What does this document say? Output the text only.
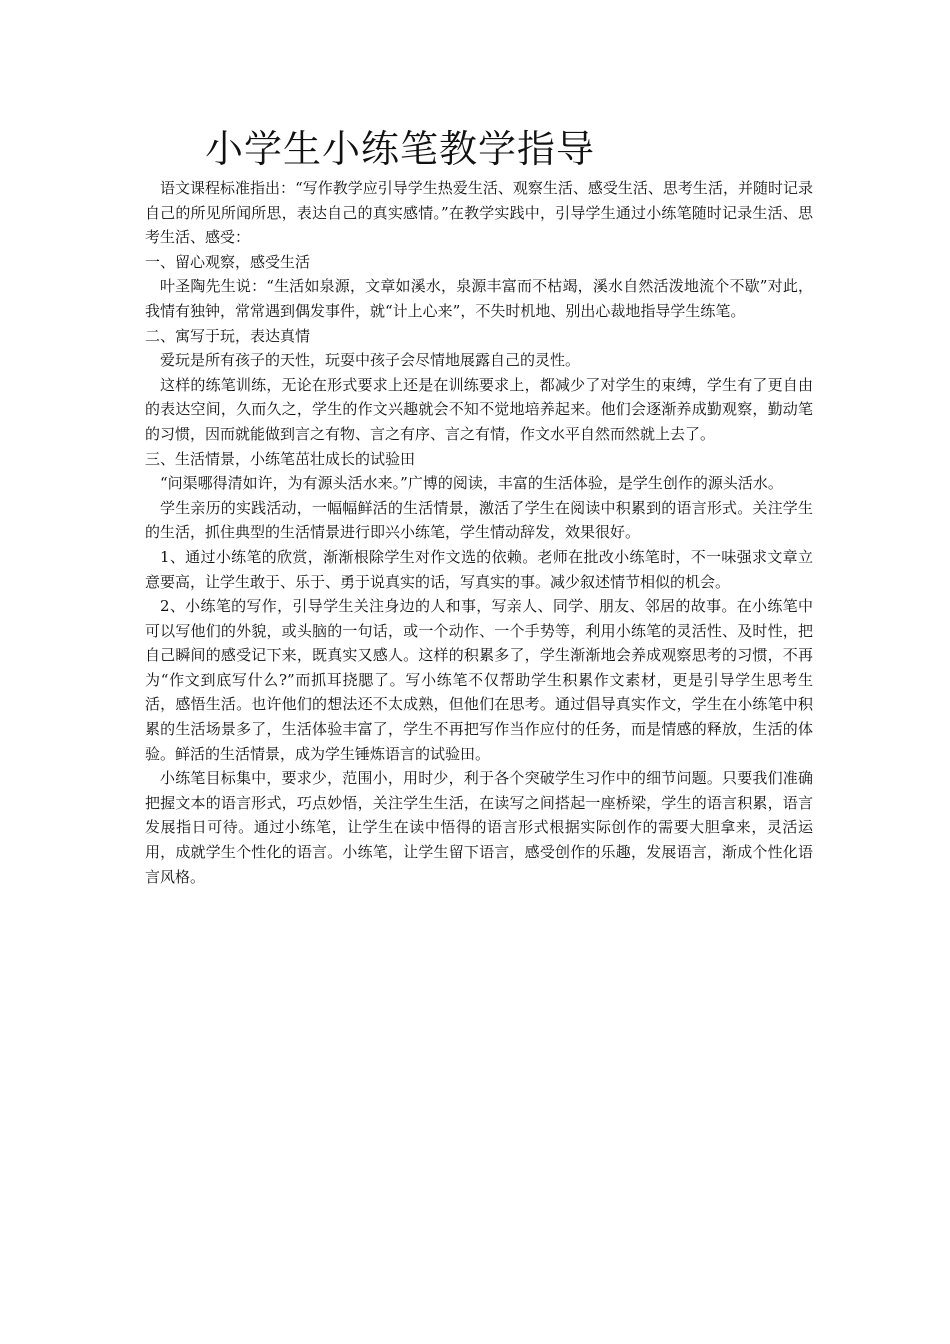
小学生小练笔教学指导

语文课程标准指出：“写作教学应引导学生热爱生活、观察生活、感受生活、思考生活，并随时记录自己的所见所闻所思，表达自己的真实感情。”在教学实践中，引导学生通过小练笔随时记录生活、思考生活、感受：

一、留心观察，感受生活

叶圣陶先生说：“生活如泉源，文章如溪水，泉源丰富而不枯竭，溪水自然活泼地流个不歇”对此，我情有独钟，常常遇到偶发事件，就“计上心来”，不失时机地、别出心裁地指导学生练笔。

二、寓写于玩，表达真情

爱玩是所有孩子的天性，玩耍中孩子会尽情地展露自己的灵性。

这样的练笔训练，无论在形式要求上还是在训练要求上，都减少了对学生的束缚，学生有了更自由的表达空间，久而久之，学生的作文兴趣就会不知不觉地培养起来。他们会逐渐养成勤观察，勤动笔的习惯，因而就能做到言之有物、言之有序、言之有情，作文水平自然而然就上去了。

三、生活情景，小练笔茁壮成长的试验田

“问渠哪得清如许，为有源头活水来。”广博的阅读，丰富的生活体验，是学生创作的源头活水。

学生亲历的实践活动，一幅幅鲜活的生活情景，激活了学生在阅读中积累到的语言形式。关注学生的生活，抓住典型的生活情景进行即兴小练笔，学生情动辞发，效果很好。

1、通过小练笔的欣赏，渐渐根除学生对作文选的依赖。老师在批改小练笔时，不一味强求文章立意要高，让学生敢于、乐于、勇于说真实的话，写真实的事。减少叙述情节相似的机会。

2、小练笔的写作，引导学生关注身边的人和事，写亲人、同学、朋友、邻居的故事。在小练笔中可以写他们的外貌，或头脑的一句话，或一个动作、一个手势等，利用小练笔的灵活性、及时性，把自己瞬间的感受记下来，既真实又感人。这样的积累多了，学生渐渐地会养成观察思考的习惯，不再为“作文到底写什么?”而抓耳挠腮了。写小练笔不仅帮助学生积累作文素材，更是引导学生思考生活，感悟生活。也许他们的想法还不太成熟，但他们在思考。通过倡导真实作文，学生在小练笔中积累的生活场景多了，生活体验丰富了，学生不再把写作当作应付的任务，而是情感的释放，生活的体验。鲜活的生活情景，成为学生锤炼语言的试验田。

小练笔目标集中，要求少，范围小，用时少，利于各个突破学生习作中的细节问题。只要我们准确把握文本的语言形式，巧点妙悟，关注学生生活，在读写之间搭起一座桥梁，学生的语言积累，语言发展指日可待。通过小练笔，让学生在读中悟得的语言形式根据实际创作的需要大胆拿来，灵活运用，成就学生个性化的语言。小练笔，让学生留下语言，感受创作的乐趣，发展语言，渐成个性化语言风格。
